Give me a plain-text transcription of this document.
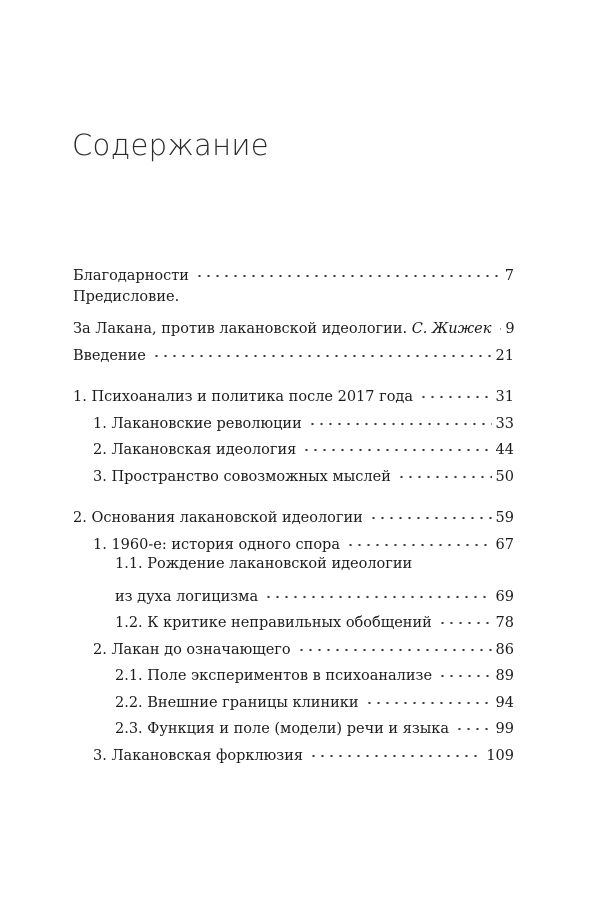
Содержание
Благодарности	7
Предисловие.
За Лакана, против лакановской идеологии. С. Жижек 9
Введение	21
1. Психоанализ и политика после 2017 года	31
1. Лакановские революции	33
2. Лакановская идеология	44
3. Пространство совозможных мыслей	50
2. Основания лакановской идеологии	59
1. 1960-е: история одного спора	67
1.1. Рождение лакановской идеологии
из духа логицизма	69
1.2. К критике неправильных обобщений	78
2. Лакан до означающего	86
2.1. Поле экспериментов в психоанализе	89
2.2. Внешние границы клиники	94
2.3. Функция и поле (модели) речи и языка	99
3. Лакановская форклюзия	109
